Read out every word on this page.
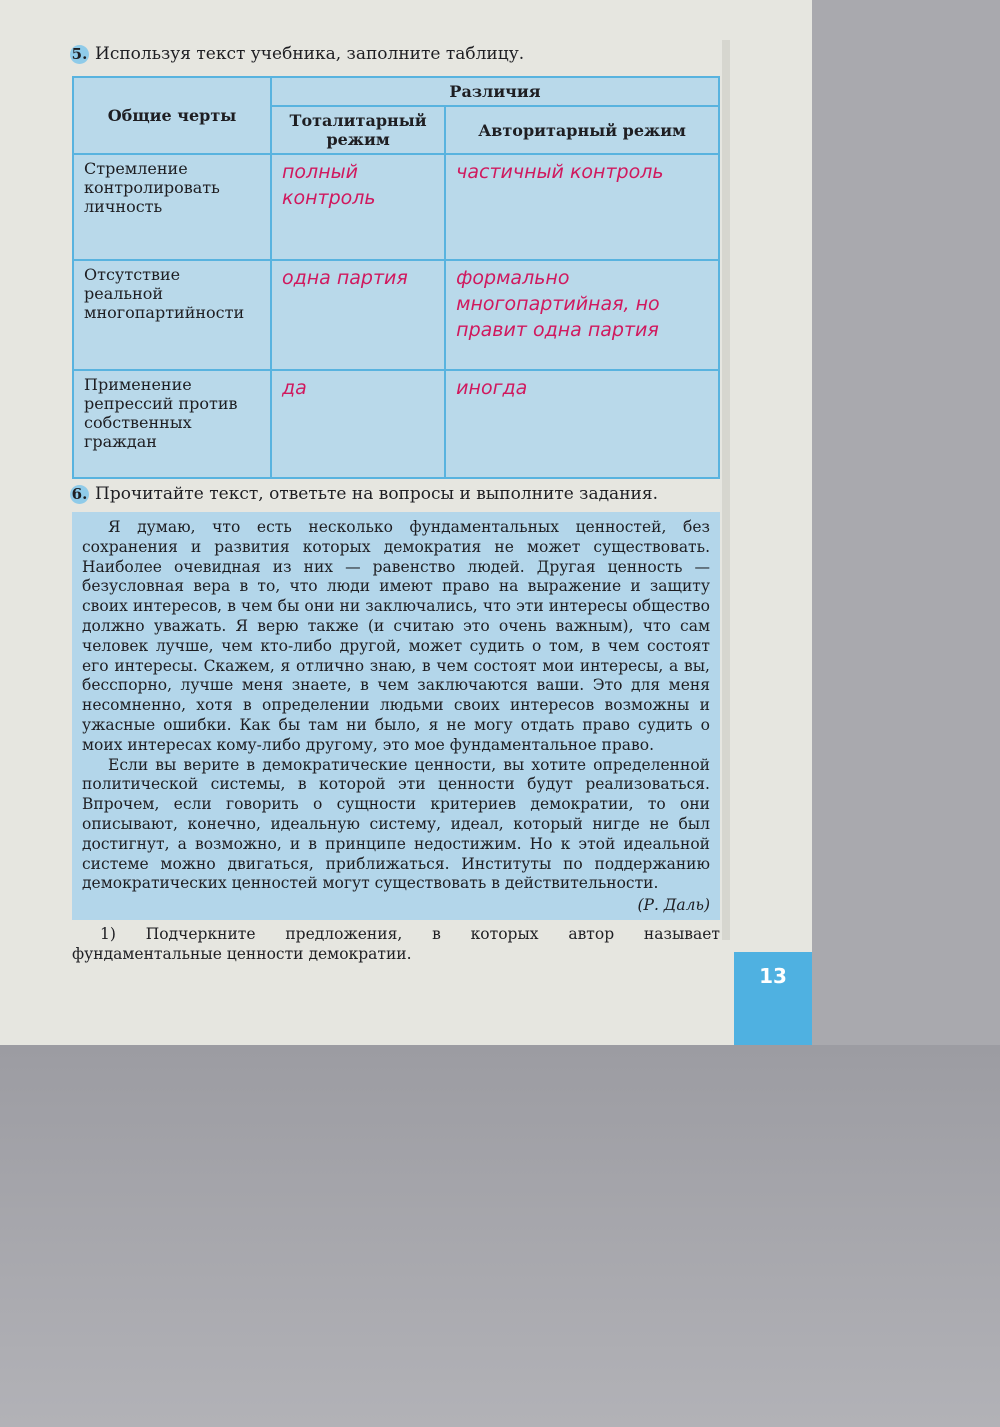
5. Используя текст учебника, заполните таблицу.
Общие черты	Различия	
	Тоталитарный режим	Авторитарный режим
Стремление контролировать личность	полный контроль	частичный контроль
Отсутствие реальной многопартийности	одна партия	формально многопартийная, но правит одна партия
Применение репрессий против собственных граждан	да	иногда
6. Прочитайте текст, ответьте на вопросы и выполните задания.

Я думаю, что есть несколько фундаментальных ценностей, без сохранения и развития которых демократия не может существовать. Наиболее очевидная из них — равенство людей. Другая ценность — безусловная вера в то, что люди имеют право на выражение и защиту своих интересов, в чем бы они ни заключались, что эти интересы общество должно уважать. Я верю также (и считаю это очень важным), что сам человек лучше, чем кто-либо другой, может судить о том, в чем состоят его интересы. Скажем, я отлично знаю, в чем состоят мои интересы, а вы, бесспорно, лучше меня знаете, в чем заключаются ваши. Это для меня несомненно, хотя в определении людьми своих интересов возможны и ужасные ошибки. Как бы там ни было, я не могу отдать право судить о моих интересах кому-либо другому, это мое фундаментальное право.

Если вы верите в демократические ценности, вы хотите определенной политической системы, в которой эти ценности будут реализоваться. Впрочем, если говорить о сущности критериев демократии, то они описывают, конечно, идеальную систему, идеал, который нигде не был достигнут, а возможно, и в принципе недостижим. Но к этой идеальной системе можно двигаться, приближаться. Институты по поддержанию демократических ценностей могут существовать в действительности.

(Р. Даль)
1) Подчеркните предложения, в которых автор называет фундаментальные ценности демократии.
13
